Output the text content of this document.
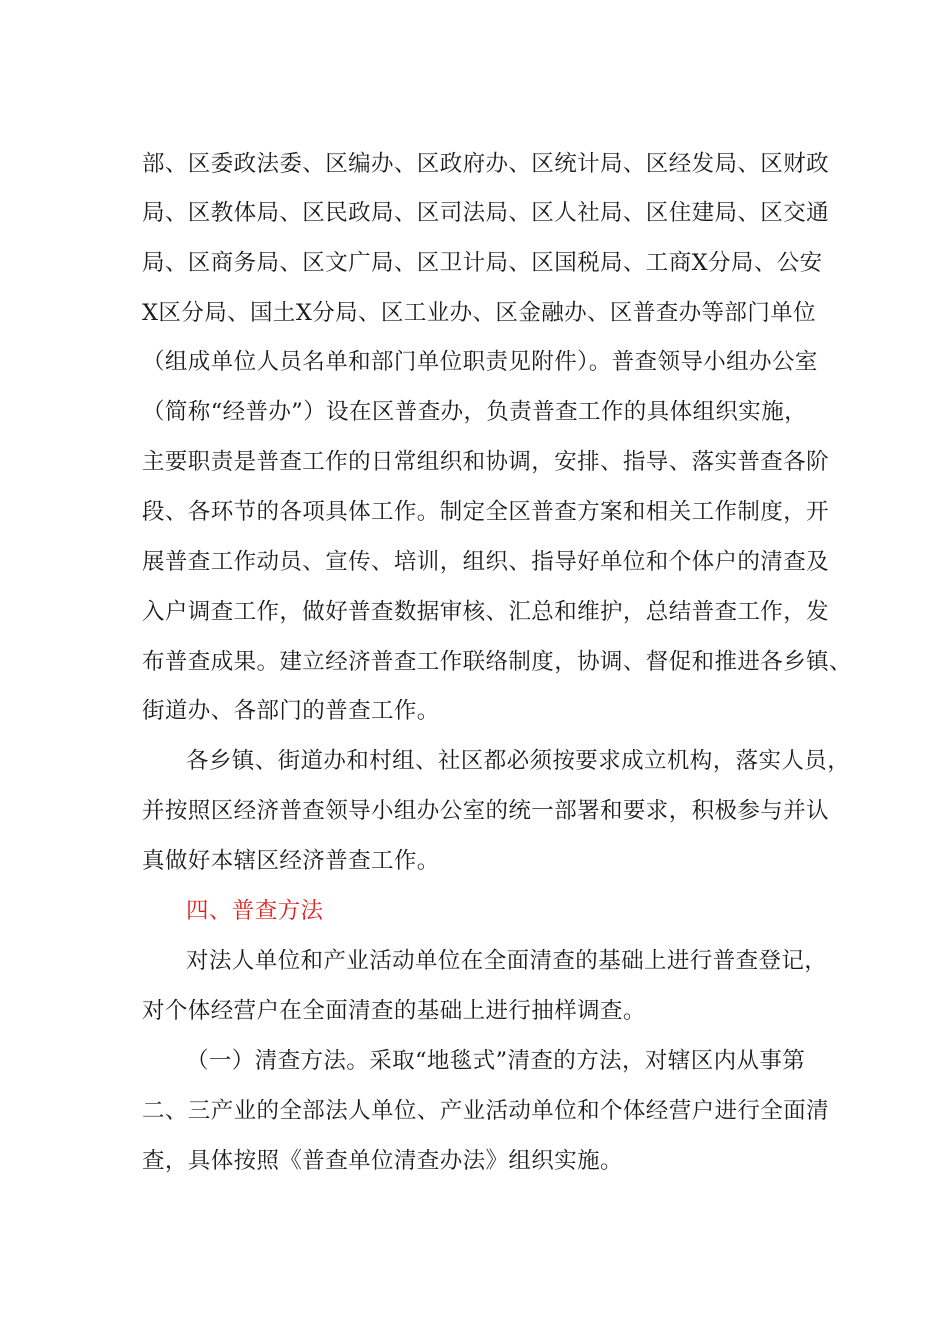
部、区委政法委、区编办、区政府办、区统计局、区经发局、区财政
局、区教体局、区民政局、区司法局、区人社局、区住建局、区交通
局、区商务局、区文广局、区卫计局、区国税局、工商X分局、公安
X区分局、国土X分局、区工业办、区金融办、区普查办等部门单位
（组成单位人员名单和部门单位职责见附件）。普查领导小组办公室
（简称“经普办”）设在区普查办，负责普查工作的具体组织实施，
主要职责是普查工作的日常组织和协调，安排、指导、落实普查各阶
段、各环节的各项具体工作。制定全区普查方案和相关工作制度，开
展普查工作动员、宣传、培训，组织、指导好单位和个体户的清查及
入户调查工作，做好普查数据审核、汇总和维护，总结普查工作，发
布普查成果。建立经济普查工作联络制度，协调、督促和推进各乡镇、
街道办、各部门的普查工作。
各乡镇、街道办和村组、社区都必须按要求成立机构，落实人员，
并按照区经济普查领导小组办公室的统一部署和要求，积极参与并认
真做好本辖区经济普查工作。
四、普查方法
对法人单位和产业活动单位在全面清查的基础上进行普查登记，
对个体经营户在全面清查的基础上进行抽样调查。
（一）清查方法。采取“地毯式”清查的方法，对辖区内从事第
二、三产业的全部法人单位、产业活动单位和个体经营户进行全面清
查，具体按照《普查单位清查办法》组织实施。
